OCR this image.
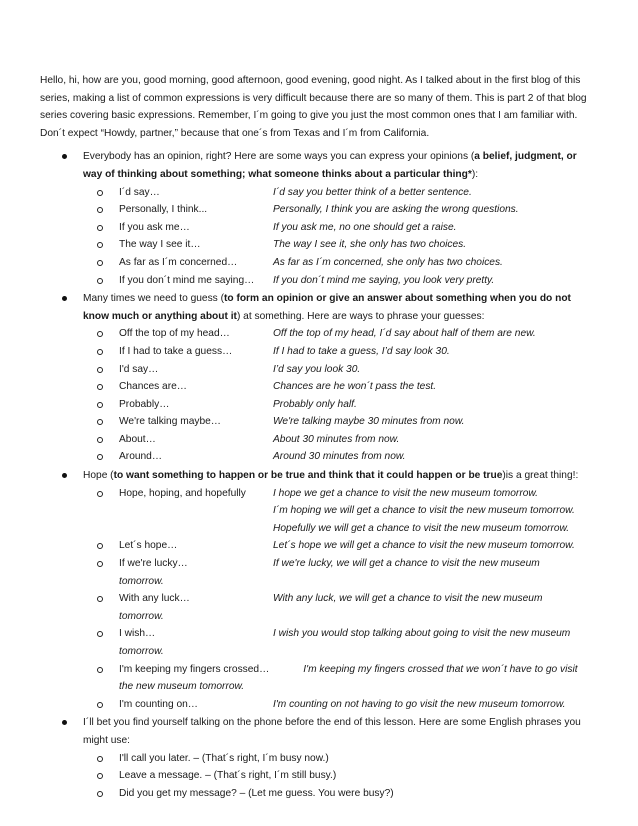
Hello, hi, how are you, good morning, good afternoon, good evening, good night. As I talked about in the first blog of this series, making a list of common expressions is very difficult because there are so many of them. This is part 2 of that blog series covering basic expressions. Remember, I´m going to give you just the most common ones that I am familiar with. Don´t expect “Howdy, partner,” because that one´s from Texas and I´m from California.

Everybody has an opinion, right? Here are some ways you can express your opinions (a belief, judgment, or way of thinking about something; what someone thinks about a particular thing*):
I´d say…	I´d say you better think of a better sentence.
Personally, I think...	Personally, I think you are asking the wrong questions.
If you ask me…	If you ask me, no one should get a raise.
The way I see it…	The way I see it, she only has two choices.
As far as I´m concerned…	As far as I´m concerned, she only has two choices.
If you don´t mind me saying…	If you don´t mind me saying, you look very pretty.
Many times we need to guess (to form an opinion or give an answer about something when you do not know much or anything about it) at something. Here are ways to phrase your guesses:
Off the top of my head…	Off the top of my head, I´d say about half of them are new.
If I had to take a guess…	If I had to take a guess, I’d say look 30.
I'd say…	I’d say you look 30.
Chances are…	Chances are he won´t pass the test.
Probably…	Probably only half.
We're talking maybe…	We're talking maybe 30 minutes from now.
About…	About 30 minutes from now.
Around…	Around 30 minutes from now.
Hope (to want something to happen or be true and think that it could happen or be true)is a great thing!:
Hope, hoping, and hopefully	I hope we get a chance to visit the new museum tomorrow.
I´m hoping we will get a chance to visit the new museum tomorrow.
Hopefully we will get a chance to visit the new museum tomorrow.
Let´s hope…	Let´s hope we will get a chance to visit the new museum tomorrow.
If we're lucky…	If we're lucky, we will get a chance to visit the new museum
tomorrow.
With any luck…	With any luck, we will get a chance to visit the new museum
tomorrow.
I wish…	I wish you would stop talking about going to visit the new museum
tomorrow.
I'm keeping my fingers crossed…	I'm keeping my fingers crossed that we won´t have to go visit
the new museum tomorrow.
I'm counting on…	I'm counting on not having to go visit the new museum tomorrow.
I´ll bet you find yourself talking on the phone before the end of this lesson. Here are some English phrases you might use:
I'll call you later. – (That´s right, I´m busy now.)
Leave a message. – (That´s right, I´m still busy.)
Did you get my message? – (Let me guess. You were busy?)
